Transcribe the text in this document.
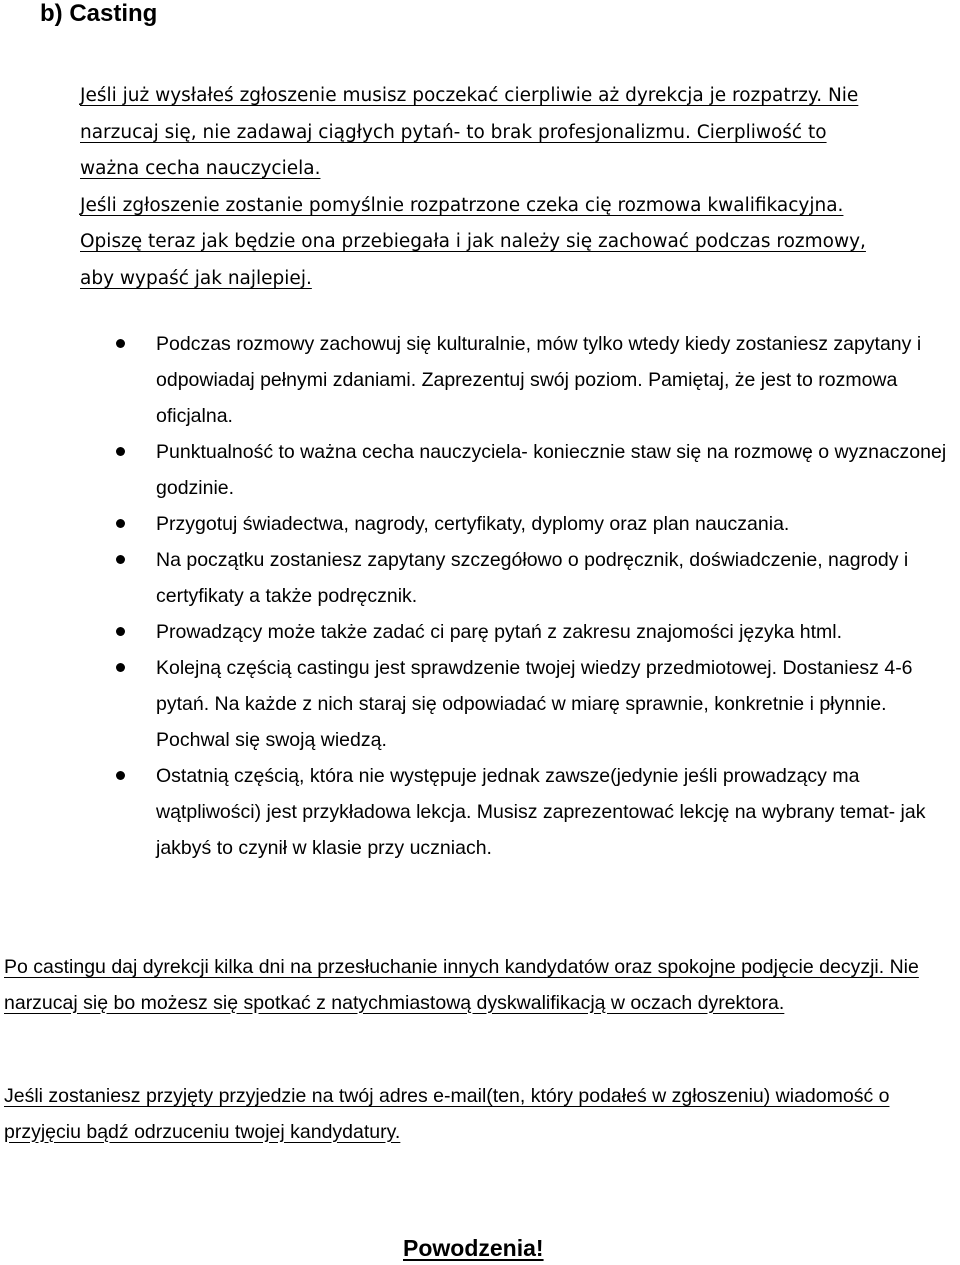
b) Casting

Jeśli już wysłałeś zgłoszenie musisz poczekać cierpliwie aż dyrekcja je rozpatrzy. Nie
narzucaj się, nie zadawaj ciągłych pytań- to brak profesjonalizmu. Cierpliwość to
ważna cecha nauczyciela.
Jeśli zgłoszenie zostanie pomyślnie rozpatrzone czeka cię rozmowa kwalifikacyjna.
Opiszę teraz jak będzie ona przebiegała i jak należy się zachować podczas rozmowy,
aby wypaść jak najlepiej.

Podczas rozmowy zachowuj się kulturalnie, mów tylko wtedy kiedy zostaniesz zapytany i odpowiadaj pełnymi zdaniami. Zaprezentuj swój poziom. Pamiętaj, że jest to rozmowa oficjalna.
Punktualność to ważna cecha nauczyciela- koniecznie staw się na rozmowę o wyznaczonej godzinie.
Przygotuj świadectwa, nagrody, certyfikaty, dyplomy oraz plan nauczania.
Na początku zostaniesz zapytany szczegółowo o podręcznik, doświadczenie, nagrody i certyfikaty a także podręcznik.
Prowadzący może także zadać ci parę pytań z zakresu znajomości języka html.
Kolejną częścią castingu jest sprawdzenie twojej wiedzy przedmiotowej. Dostaniesz 4-6 pytań. Na każde z nich staraj się odpowiadać w miarę sprawnie, konkretnie i płynnie. Pochwal się swoją wiedzą.
Ostatnią częścią, która nie występuje jednak zawsze(jedynie jeśli prowadzący ma wątpliwości) jest przykładowa lekcja. Musisz zaprezentować lekcję na wybrany temat- jak jakbyś to czynił w klasie przy uczniach.

Po castingu daj dyrekcji kilka dni na przesłuchanie innych kandydatów oraz spokojne podjęcie decyzji. Nie narzucaj się bo możesz się spotkać z natychmiastową dyskwalifikacją w oczach dyrektora.

Jeśli zostaniesz przyjęty przyjedzie na twój adres e-mail(ten, który podałeś w zgłoszeniu) wiadomość o przyjęciu bądź odrzuceniu twojej kandydatury.

Powodzenia!
